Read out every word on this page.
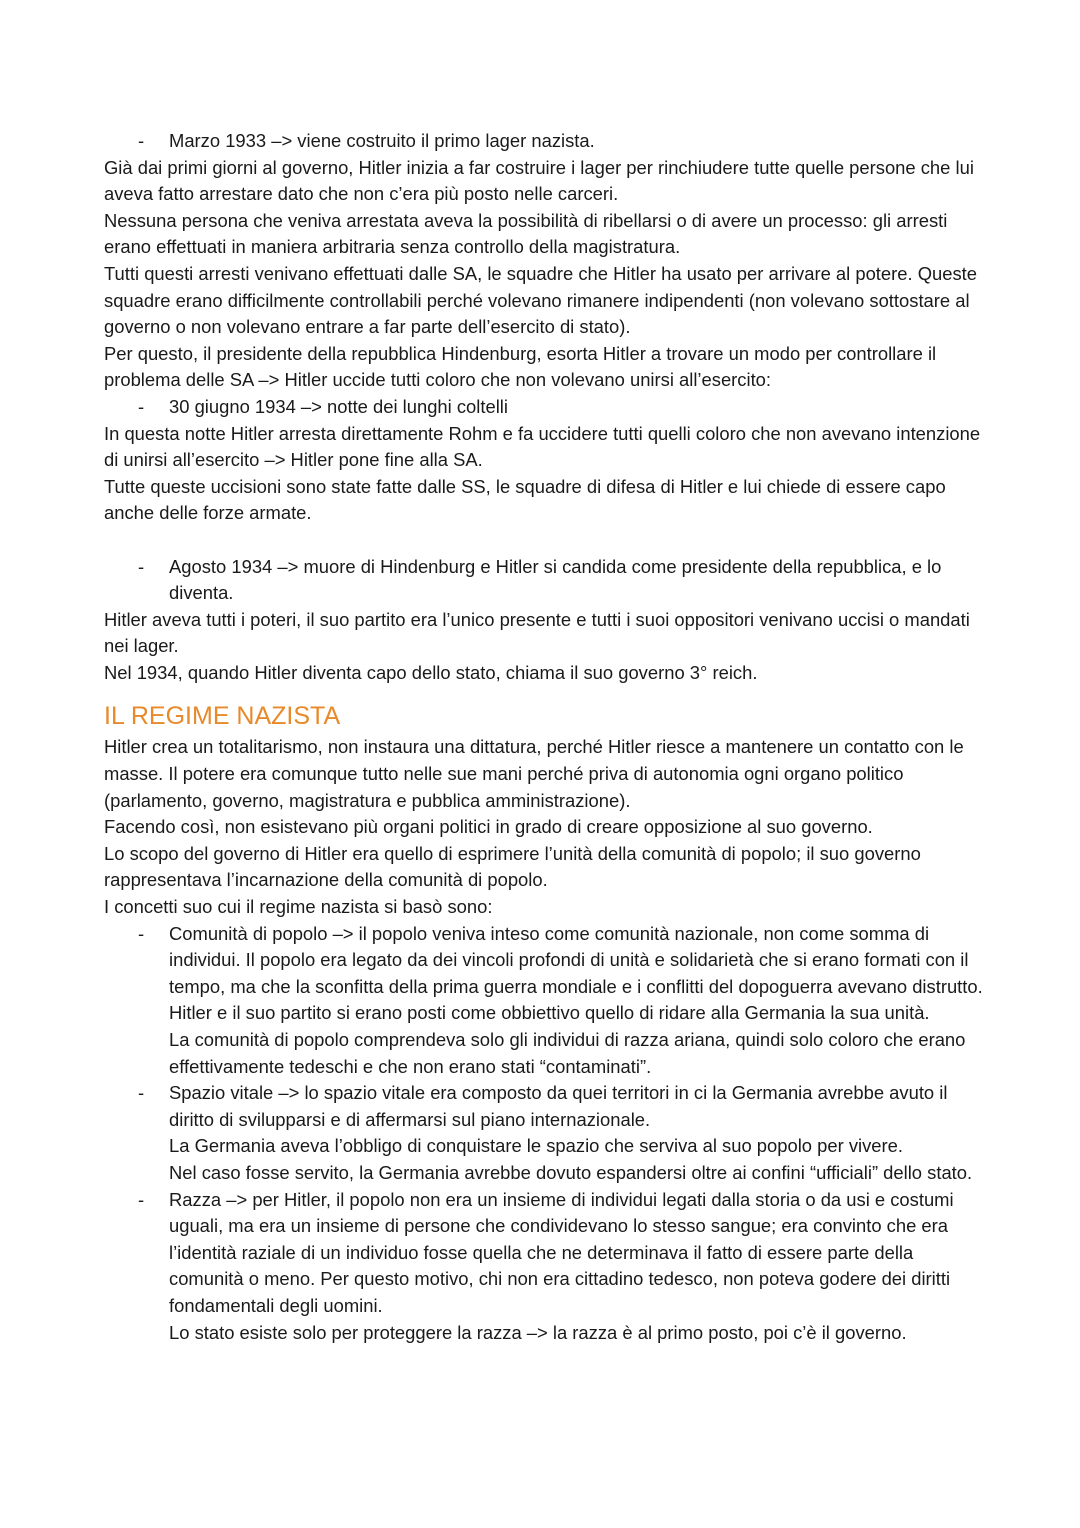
- Marzo 1933 –> viene costruito il primo lager nazista.

Già dai primi giorni al governo, Hitler inizia a far costruire i lager per rinchiudere tutte quelle persone che lui aveva fatto arrestare dato che non c’era più posto nelle carceri.

Nessuna persona che veniva arrestata aveva la possibilità di ribellarsi o di avere un processo: gli arresti erano effettuati in maniera arbitraria senza controllo della magistratura.

Tutti questi arresti venivano effettuati dalle SA, le squadre che Hitler ha usato per arrivare al potere. Queste squadre erano difficilmente controllabili perché volevano rimanere indipendenti (non volevano sottostare al governo o non volevano entrare a far parte dell’esercito di stato).

Per questo, il presidente della repubblica Hindenburg, esorta Hitler a trovare un modo per controllare il problema delle SA –> Hitler uccide tutti coloro che non volevano unirsi all’esercito:

- 30 giugno 1934 –> notte dei lunghi coltelli

In questa notte Hitler arresta direttamente Rohm e fa uccidere tutti quelli coloro che non avevano intenzione di unirsi all’esercito –> Hitler pone fine alla SA.

Tutte queste uccisioni sono state fatte dalle SS, le squadre di difesa di Hitler e lui chiede di essere capo anche delle forze armate.

- Agosto 1934 –> muore di Hindenburg e Hitler si candida come presidente della repubblica, e lo diventa.

Hitler aveva tutti i poteri, il suo partito era l’unico presente e tutti i suoi oppositori venivano uccisi o mandati nei lager.

Nel 1934, quando Hitler diventa capo dello stato, chiama il suo governo 3° reich.

IL REGIME NAZISTA

Hitler crea un totalitarismo, non instaura una dittatura, perché Hitler riesce a mantenere un contatto con le masse. Il potere era comunque tutto nelle sue mani perché priva di autonomia ogni organo politico (parlamento, governo, magistratura e pubblica amministrazione).

Facendo così, non esistevano più organi politici in grado di creare opposizione al suo governo.

Lo scopo del governo di Hitler era quello di esprimere l’unità della comunità di popolo; il suo governo rappresentava l’incarnazione della comunità di popolo.

I concetti suo cui il regime nazista si basò sono:

- Comunità di popolo –> il popolo veniva inteso come comunità nazionale, non come somma di individui. Il popolo era legato da dei vincoli profondi di unità e solidarietà che si erano formati con il tempo, ma che la sconfitta della prima guerra mondiale e i conflitti del dopoguerra avevano distrutto. Hitler e il suo partito si erano posti come obbiettivo quello di ridare alla Germania la sua unità.

La comunità di popolo comprendeva solo gli individui di razza ariana, quindi solo coloro che erano effettivamente tedeschi e che non erano stati “contaminati”.

- Spazio vitale –> lo spazio vitale era composto da quei territori in ci la Germania avrebbe avuto il diritto di svilupparsi e di affermarsi sul piano internazionale.

La Germania aveva l’obbligo di conquistare le spazio che serviva al suo popolo per vivere.

Nel caso fosse servito, la Germania avrebbe dovuto espandersi oltre ai confini “ufficiali” dello stato.

- Razza –> per Hitler, il popolo non era un insieme di individui legati dalla storia o da usi e costumi uguali, ma era un insieme di persone che condividevano lo stesso sangue; era convinto che era l’identità raziale di un individuo fosse quella che ne determinava il fatto di essere parte della comunità o meno. Per questo motivo, chi non era cittadino tedesco, non poteva godere dei diritti fondamentali degli uomini.

Lo stato esiste solo per proteggere la razza –> la razza è al primo posto, poi c’è il governo.
